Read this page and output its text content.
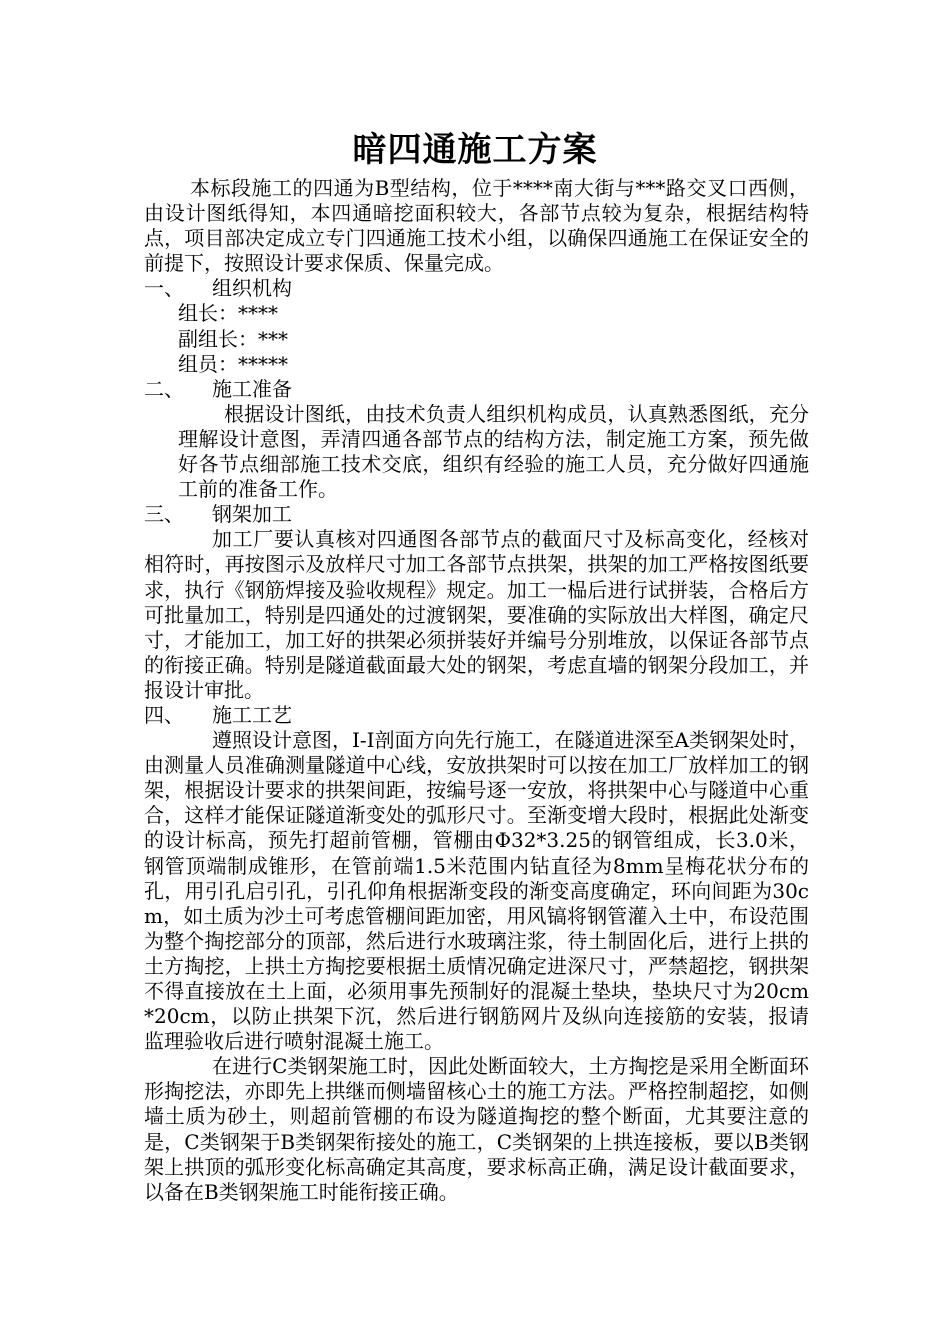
暗四通施工方案

本标段施工的四通为B型结构，位于****南大街与***路交叉口西侧，由设计图纸得知，本四通暗挖面积较大，各部节点较为复杂，根据结构特点，项目部决定成立专门四通施工技术小组，以确保四通施工在保证安全的前提下，按照设计要求保质、保量完成。

一、 组织机构

组长：****

副组长：***

组员：*****

二、 施工准备

根据设计图纸，由技术负责人组织机构成员，认真熟悉图纸，充分理解设计意图，弄清四通各部节点的结构方法，制定施工方案，预先做好各节点细部施工技术交底，组织有经验的施工人员，充分做好四通施工前的准备工作。

三、 钢架加工

加工厂要认真核对四通图各部节点的截面尺寸及标高变化，经核对相符时，再按图示及放样尺寸加工各部节点拱架，拱架的加工严格按图纸要求，执行《钢筋焊接及验收规程》规定。加工一榀后进行试拼装，合格后方可批量加工，特别是四通处的过渡钢架，要准确的实际放出大样图，确定尺寸，才能加工，加工好的拱架必须拼装好并编号分别堆放，以保证各部节点的衔接正确。特别是隧道截面最大处的钢架，考虑直墙的钢架分段加工，并报设计审批。

四、 施工工艺

遵照设计意图，I-I剖面方向先行施工，在隧道进深至A类钢架处时，由测量人员准确测量隧道中心线，安放拱架时可以按在加工厂放样加工的钢架，根据设计要求的拱架间距，按编号逐一安放，将拱架中心与隧道中心重合，这样才能保证隧道渐变处的弧形尺寸。至渐变增大段时，根据此处渐变的设计标高，预先打超前管棚，管棚由Φ32*3.25的钢管组成，长3.0米，钢管顶端制成锥形，在管前端1.5米范围内钻直径为8mm呈梅花状分布的孔，用引孔启引孔，引孔仰角根据渐变段的渐变高度确定，环向间距为30cm，如土质为沙土可考虑管棚间距加密，用风镐将钢管灌入土中，布设范围为整个掏挖部分的顶部，然后进行水玻璃注浆，待土制固化后，进行上拱的土方掏挖，上拱土方掏挖要根据土质情况确定进深尺寸，严禁超挖，钢拱架不得直接放在土上面，必须用事先预制好的混凝土垫块，垫块尺寸为20cm*20cm，以防止拱架下沉，然后进行钢筋网片及纵向连接筋的安装，报请监理验收后进行喷射混凝土施工。

在进行C类钢架施工时，因此处断面较大，土方掏挖是采用全断面环形掏挖法，亦即先上拱继而侧墙留核心土的施工方法。严格控制超挖，如侧墙土质为砂土，则超前管棚的布设为隧道掏挖的整个断面，尤其要注意的是，C类钢架于B类钢架衔接处的施工，C类钢架的上拱连接板，要以B类钢架上拱顶的弧形变化标高确定其高度，要求标高正确，满足设计截面要求，以备在B类钢架施工时能衔接正确。
